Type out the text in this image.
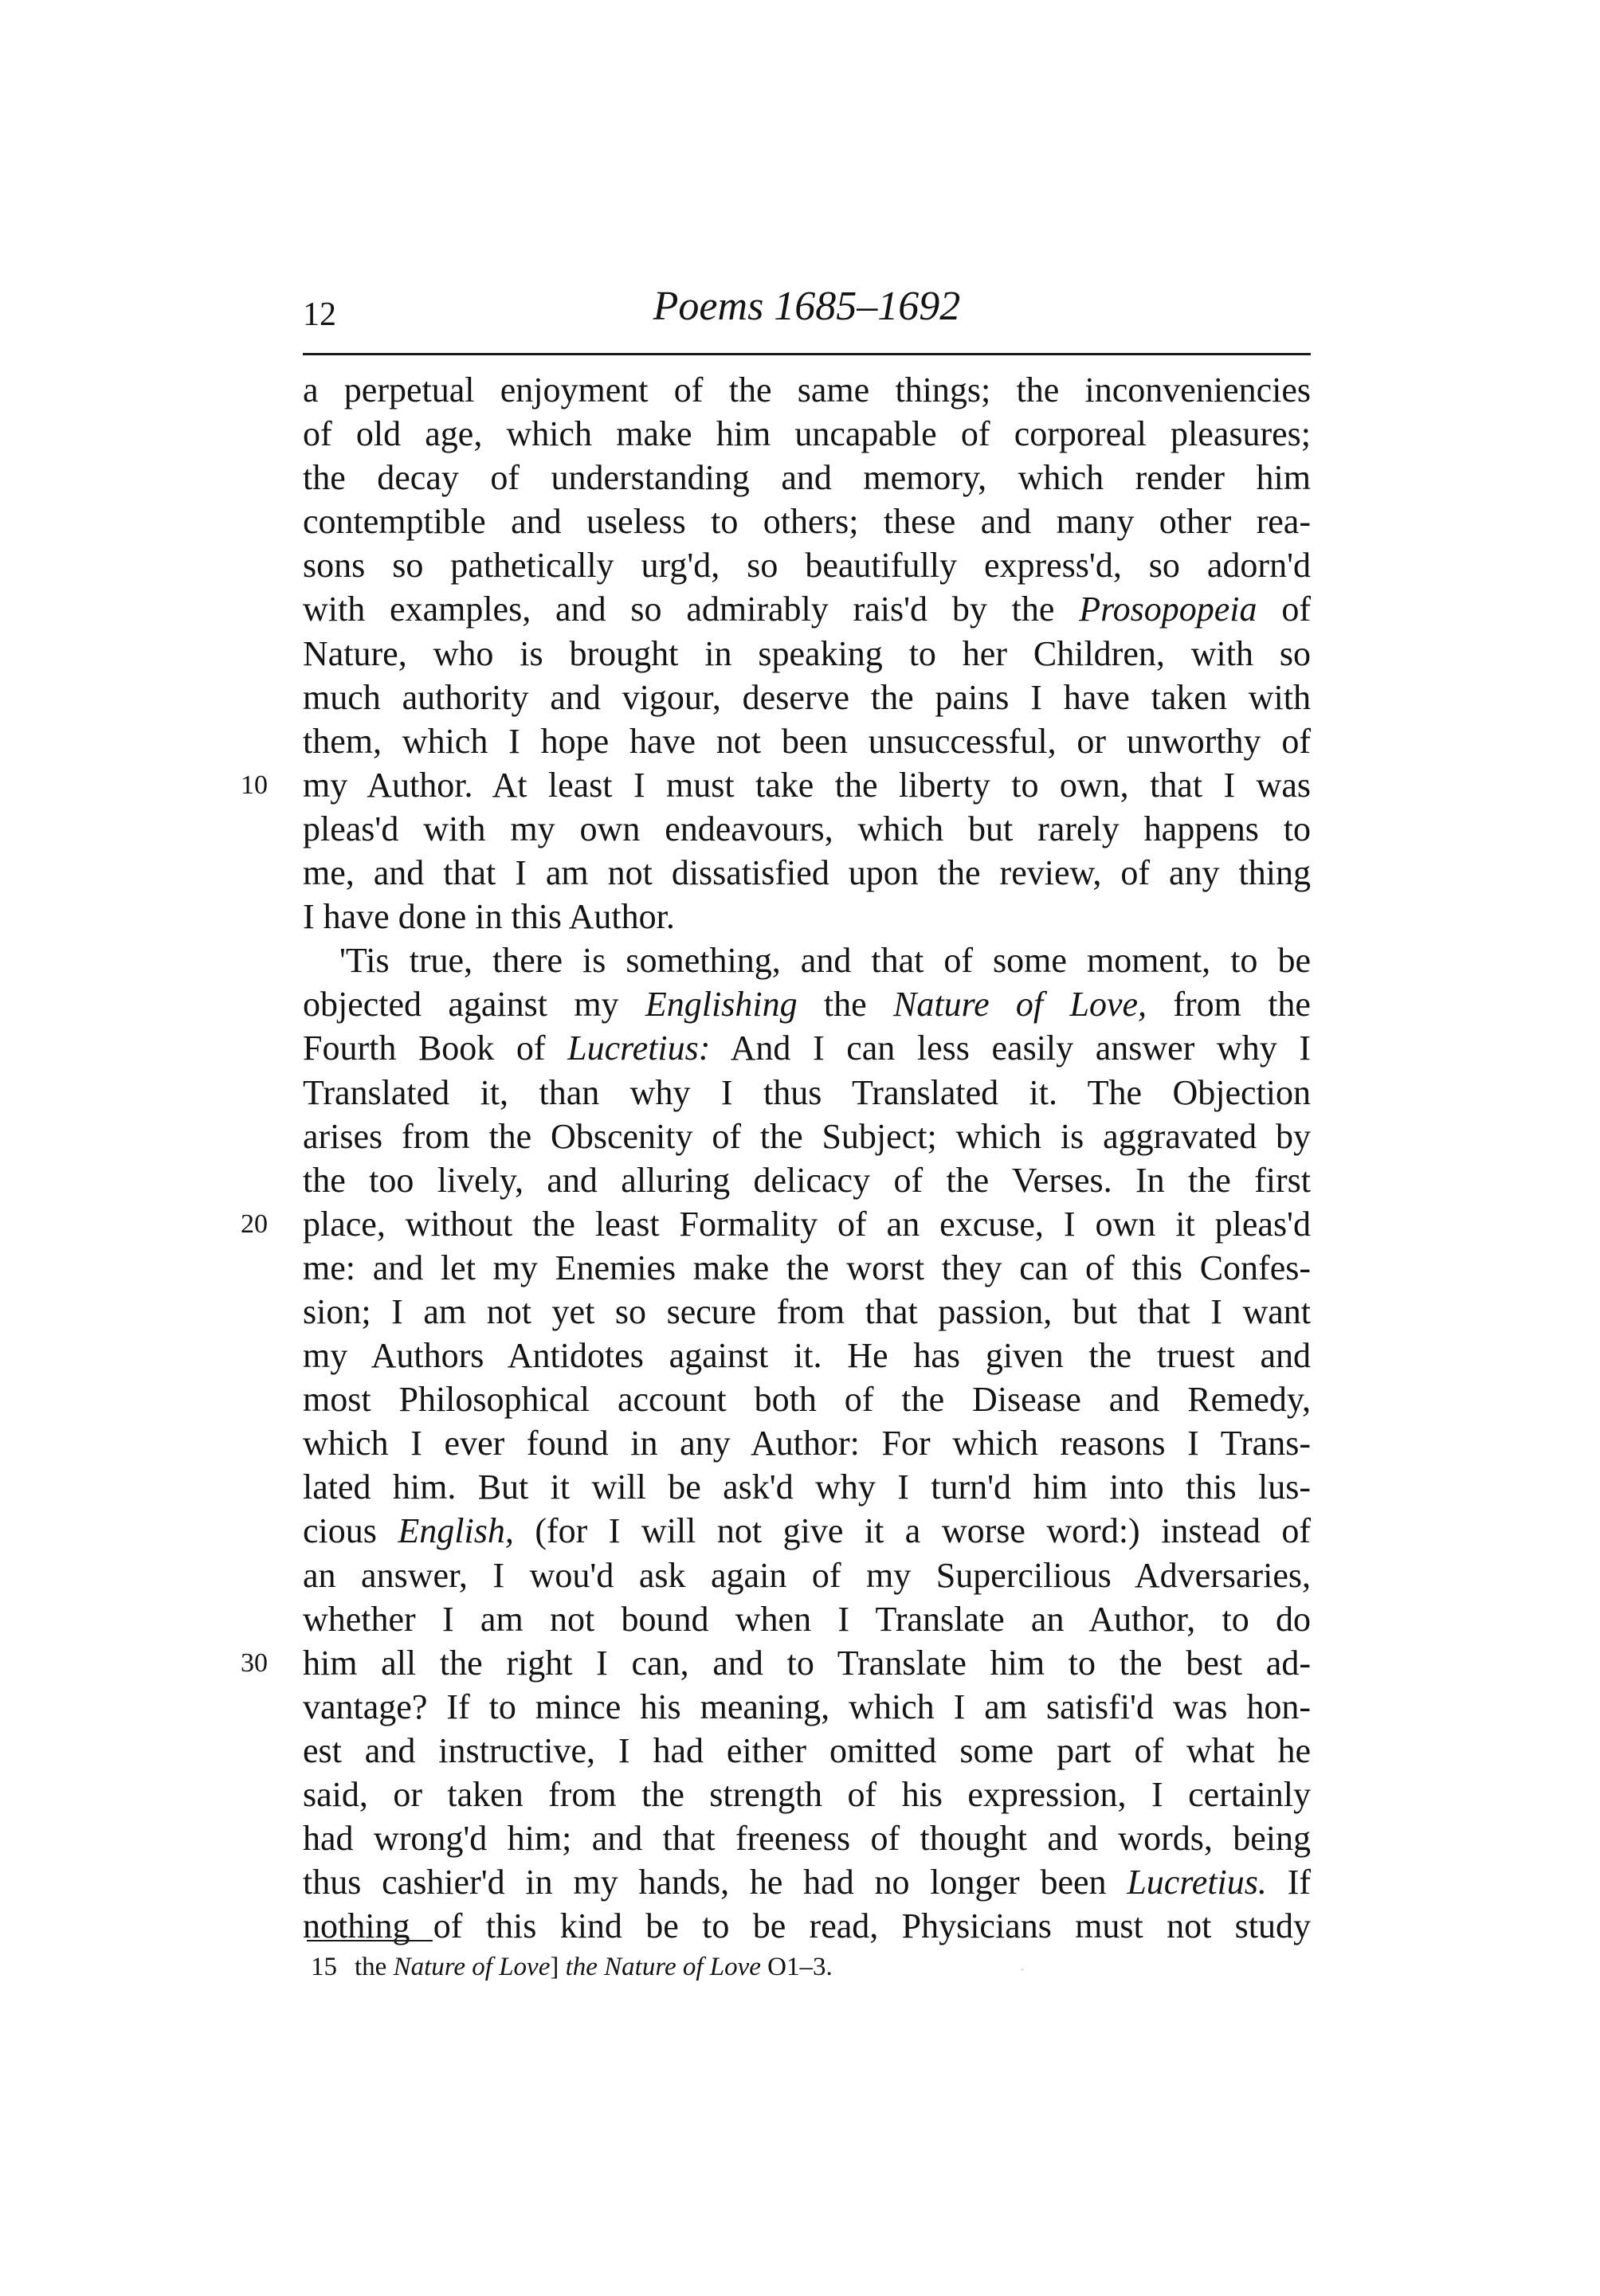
12	Poems 1685–1692
a perpetual enjoyment of the same things; the inconveniencies
of old age, which make him uncapable of corporeal pleasures;
the decay of understanding and memory, which render him
contemptible and useless to others; these and many other rea-
sons so pathetically urg'd, so beautifully express'd, so adorn'd
with examples, and so admirably rais'd by the Prosopopeia of
Nature, who is brought in speaking to her Children, with so
much authority and vigour, deserve the pains I have taken with
them, which I hope have not been unsuccessful, or unworthy of
10 my Author. At least I must take the liberty to own, that I was
pleas'd with my own endeavours, which but rarely happens to
me, and that I am not dissatisfied upon the review, of any thing
I have done in this Author.
'Tis true, there is something, and that of some moment, to be
objected against my Englishing the Nature of Love, from the
Fourth Book of Lucretius: And I can less easily answer why I
Translated it, than why I thus Translated it. The Objection
arises from the Obscenity of the Subject; which is aggravated by
the too lively, and alluring delicacy of the Verses. In the first
20 place, without the least Formality of an excuse, I own it pleas'd
me: and let my Enemies make the worst they can of this Confes-
sion; I am not yet so secure from that passion, but that I want
my Authors Antidotes against it. He has given the truest and
most Philosophical account both of the Disease and Remedy,
which I ever found in any Author: For which reasons I Trans-
lated him. But it will be ask'd why I turn'd him into this lus-
cious English, (for I will not give it a worse word:) instead of
an answer, I wou'd ask again of my Supercilious Adversaries,
whether I am not bound when I Translate an Author, to do
30 him all the right I can, and to Translate him to the best ad-
vantage? If to mince his meaning, which I am satisfi'd was hon-
est and instructive, I had either omitted some part of what he
said, or taken from the strength of his expression, I certainly
had wrong'd him; and that freeness of thought and words, being
thus cashier'd in my hands, he had no longer been Lucretius. If
nothing of this kind be to be read, Physicians must not study
15 the Nature of Love] the Nature of Love O1–3.	·
